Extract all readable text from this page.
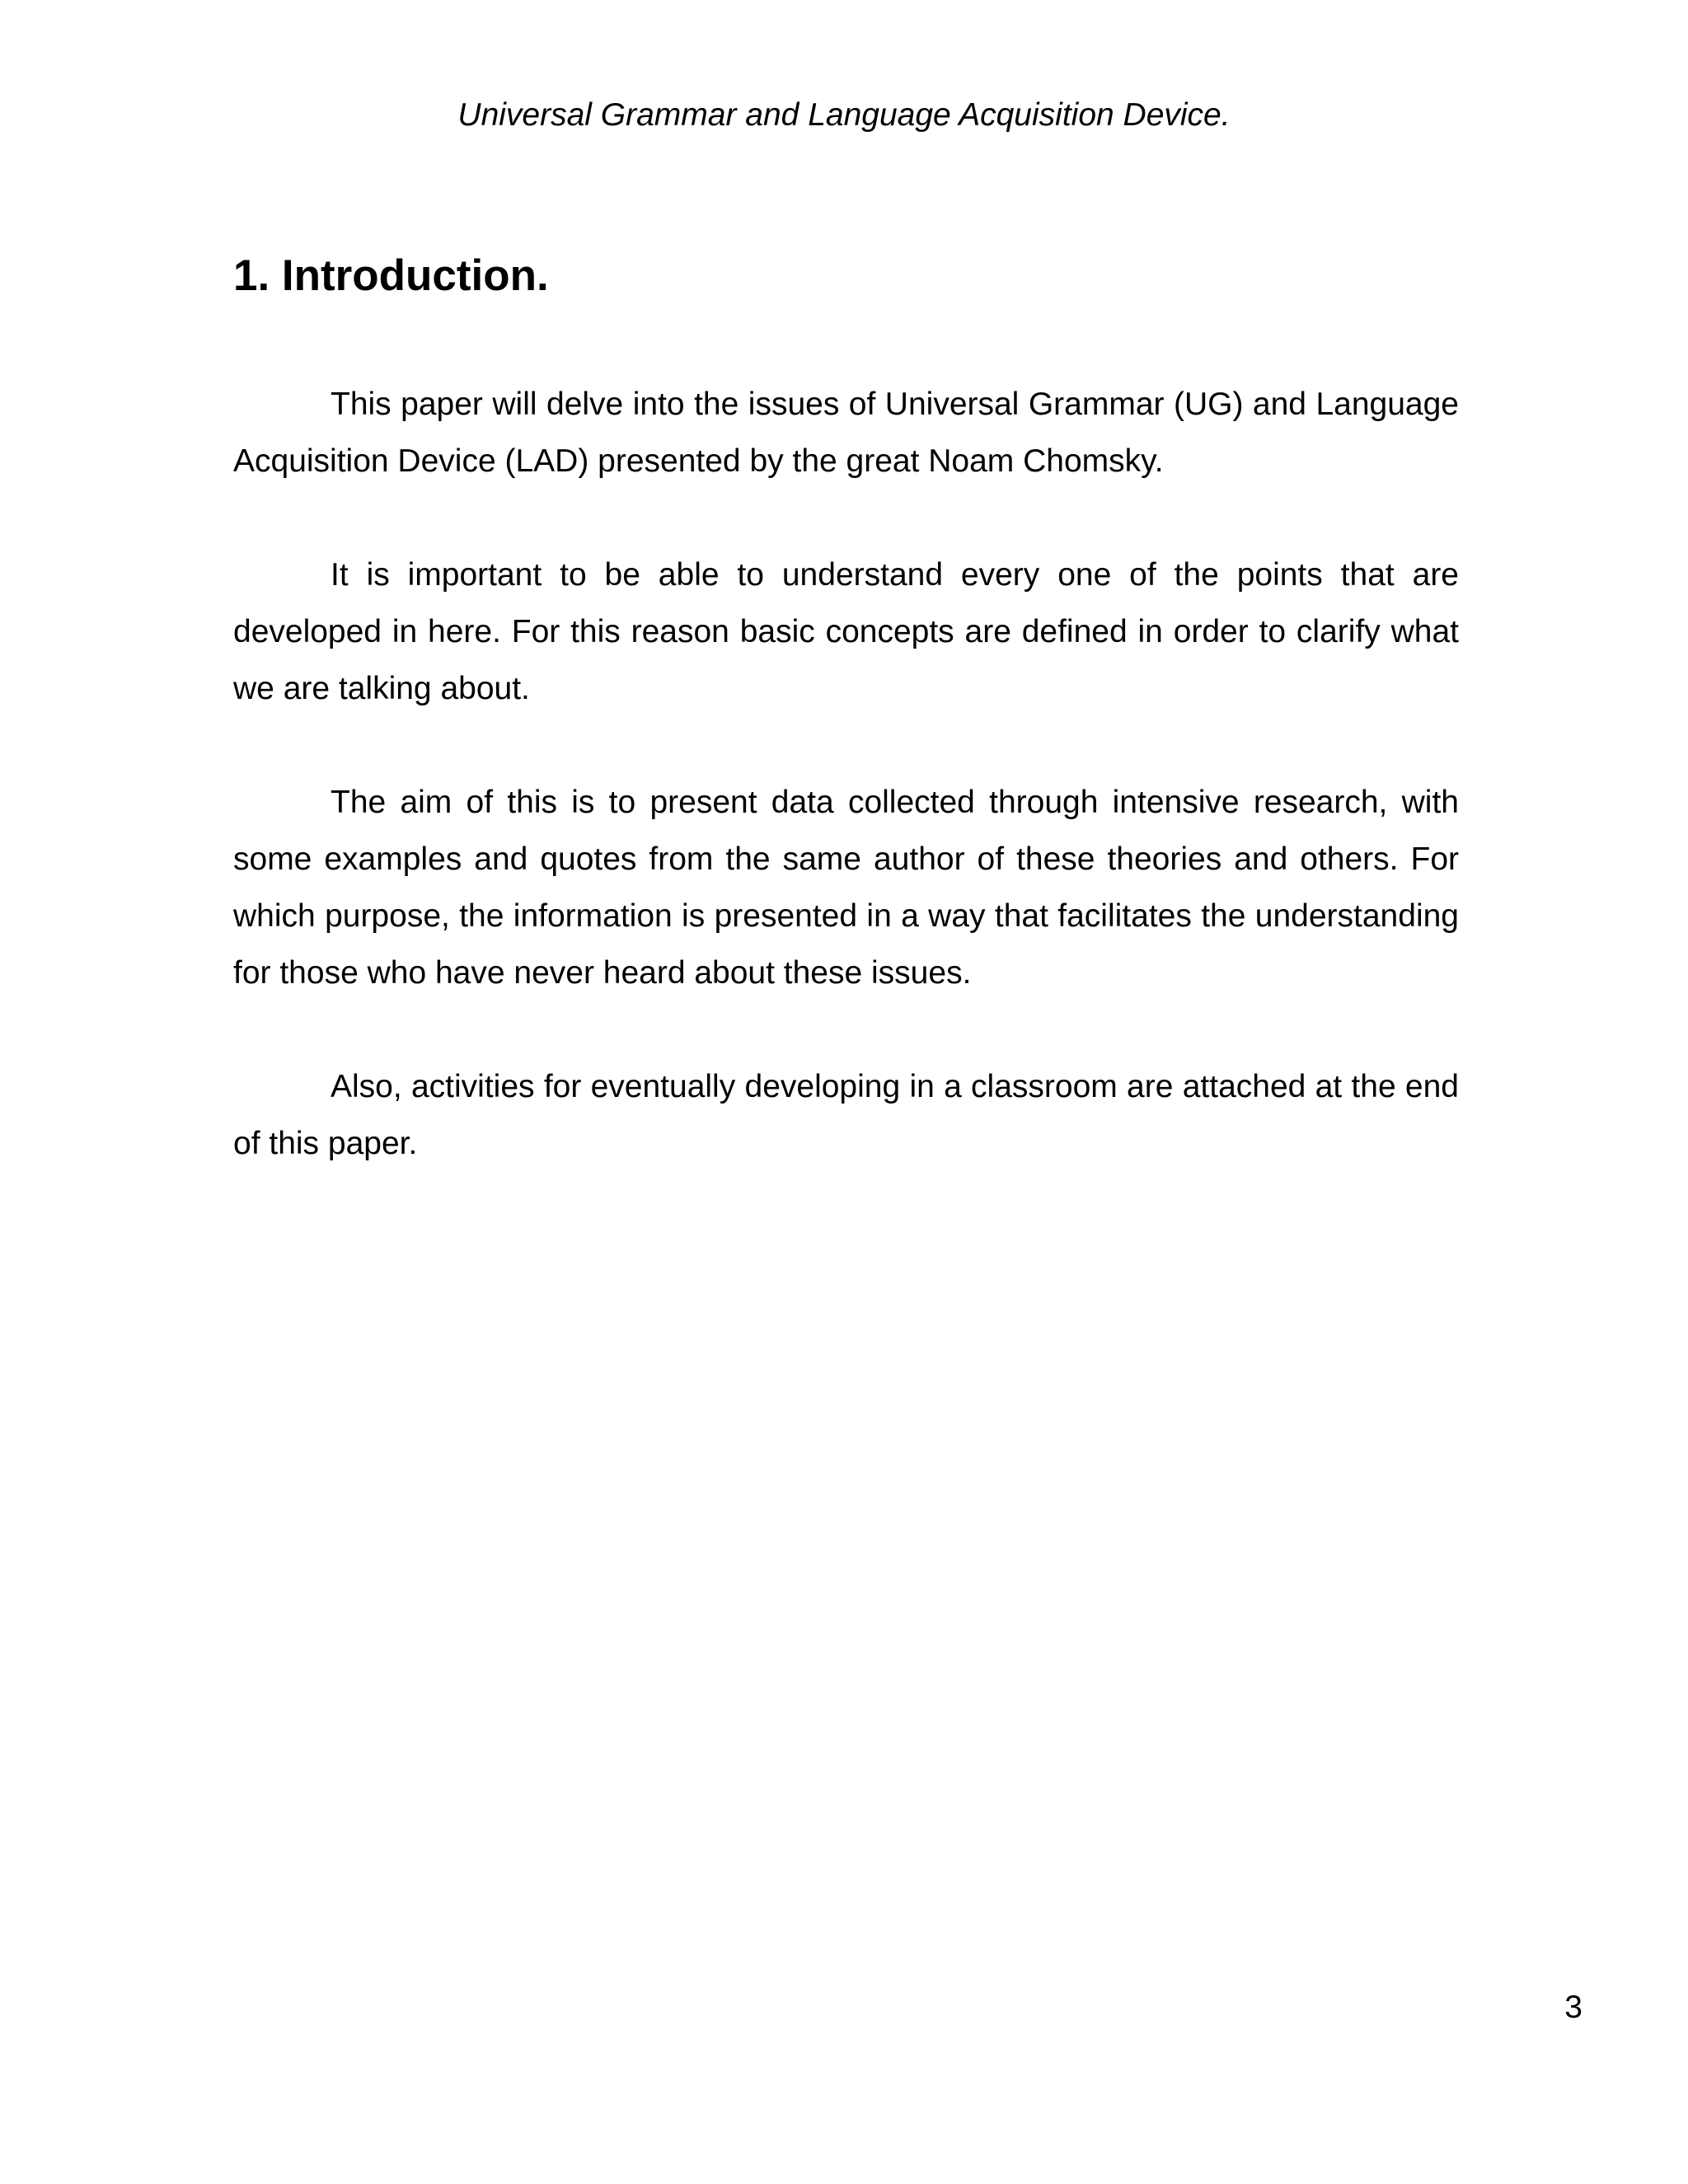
Universal Grammar and Language Acquisition Device.
1. Introduction.

This paper will delve into the issues of Universal Grammar (UG) and Language Acquisition Device (LAD) presented by the great Noam Chomsky.

It is important to be able to understand every one of the points that are developed in here. For this reason basic concepts are defined in order to clarify what we are talking about.

The aim of this is to present data collected through intensive research, with some examples and quotes from the same author of these theories and others. For which purpose, the information is presented in a way that facilitates the understanding for those who have never heard about these issues.

Also, activities for eventually developing in a classroom are attached at the end of this paper.

3
